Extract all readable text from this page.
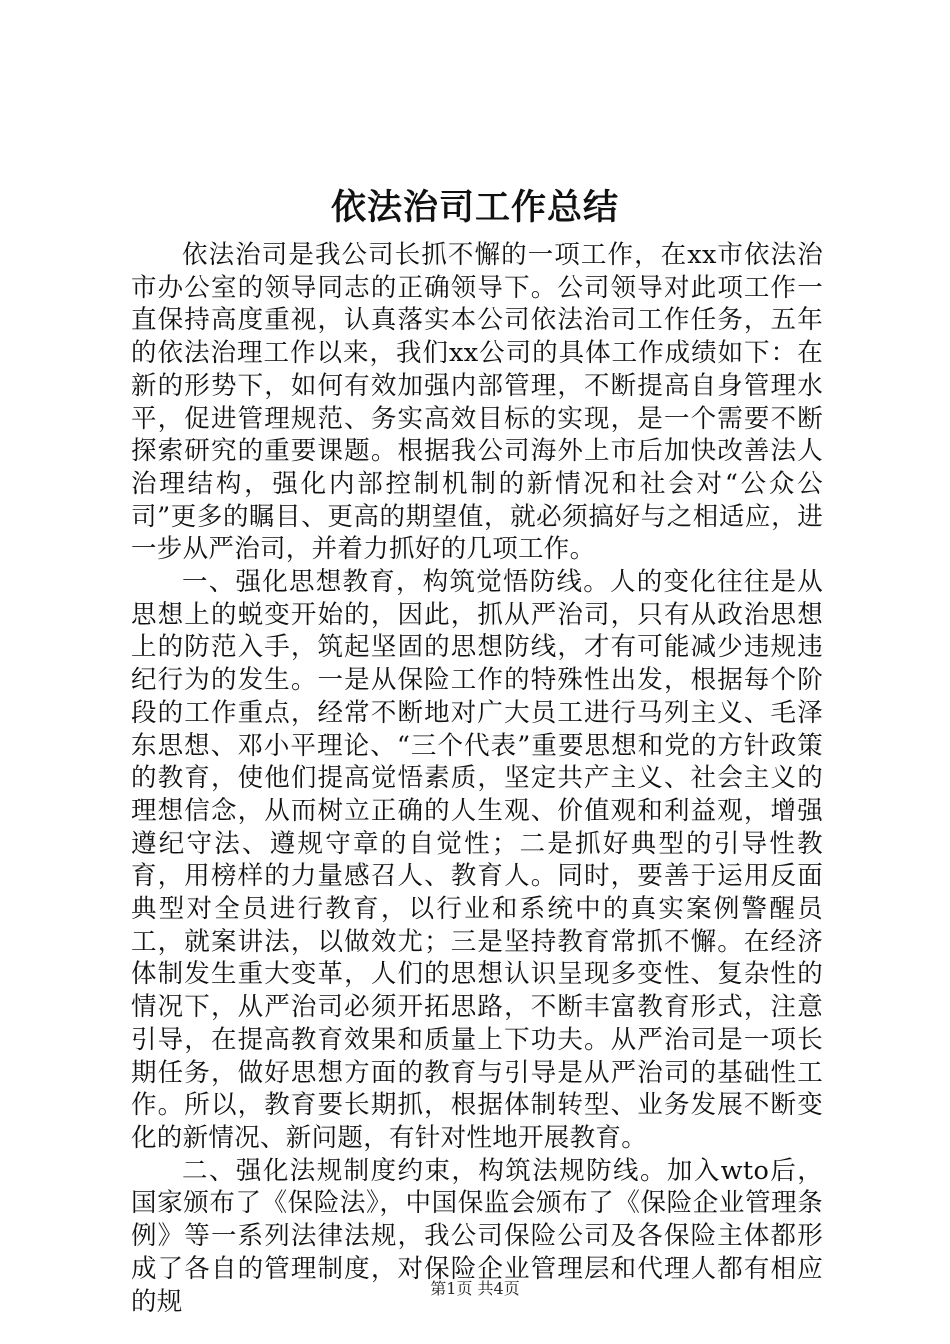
依法治司工作总结

依法治司是我公司长抓不懈的一项工作，在xx市依法治市办公室的领导同志的正确领导下。公司领导对此项工作一直保持高度重视，认真落实本公司依法治司工作任务，五年的依法治理工作以来，我们xx公司的具体工作成绩如下：在新的形势下，如何有效加强内部管理，不断提高自身管理水平，促进管理规范、务实高效目标的实现，是一个需要不断探索研究的重要课题。根据我公司海外上市后加快改善法人治理结构，强化内部控制机制的新情况和社会对“公众公司”更多的瞩目、更高的期望值，就必须搞好与之相适应，进一步从严治司，并着力抓好的几项工作。

一、强化思想教育，构筑觉悟防线。人的变化往往是从思想上的蜕变开始的，因此，抓从严治司，只有从政治思想上的防范入手，筑起坚固的思想防线，才有可能减少违规违纪行为的发生。一是从保险工作的特殊性出发，根据每个阶段的工作重点，经常不断地对广大员工进行马列主义、毛泽东思想、邓小平理论、“三个代表”重要思想和党的方针政策的教育，使他们提高觉悟素质，坚定共产主义、社会主义的理想信念，从而树立正确的人生观、价值观和利益观，增强遵纪守法、遵规守章的自觉性；二是抓好典型的引导性教育，用榜样的力量感召人、教育人。同时，要善于运用反面典型对全员进行教育，以行业和系统中的真实案例警醒员工，就案讲法，以做效尤；三是坚持教育常抓不懈。在经济体制发生重大变革，人们的思想认识呈现多变性、复杂性的情况下，从严治司必须开拓思路，不断丰富教育形式，注意引导，在提高教育效果和质量上下功夫。从严治司是一项长期任务，做好思想方面的教育与引导是从严治司的基础性工作。所以，教育要长期抓，根据体制转型、业务发展不断变化的新情况、新问题，有针对性地开展教育。

二、强化法规制度约束，构筑法规防线。加入wto后，国家颁布了《保险法》，中国保监会颁布了《保险企业管理条例》等一系列法律法规，我公司保险公司及各保险主体都形成了各自的管理制度，对保险企业管理层和代理人都有相应的规	第1页 共4页
